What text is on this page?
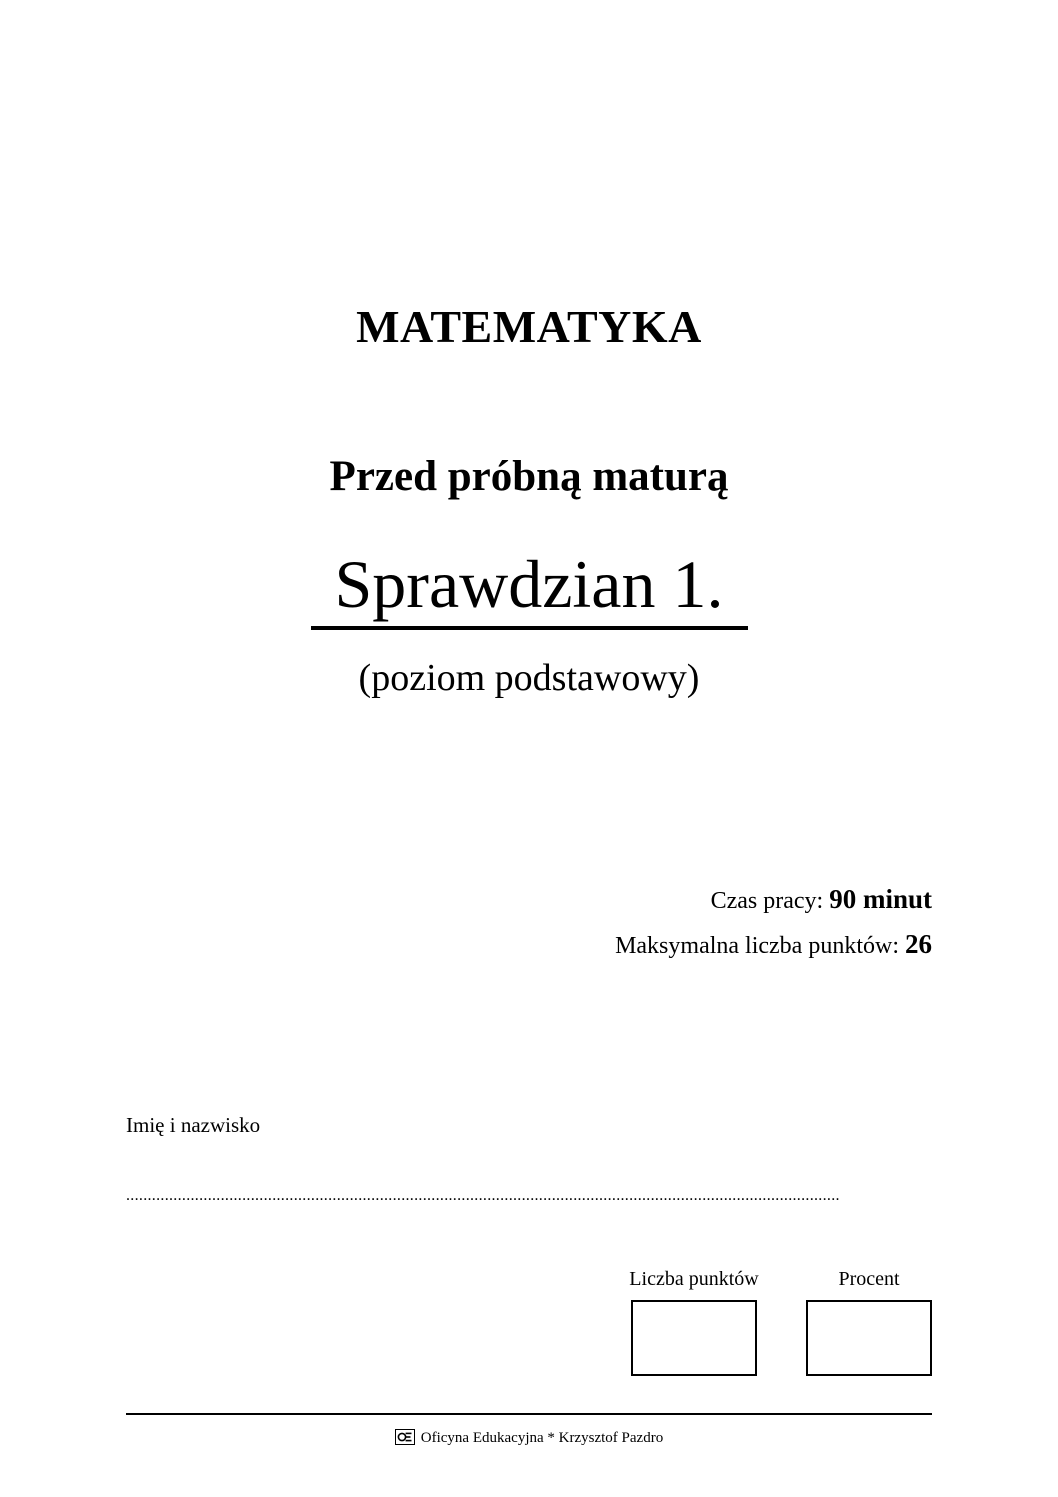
MATEMATYKA
Przed próbną maturą
Sprawdzian 1.
(poziom podstawowy)
Czas pracy: 90 minut
Maksymalna liczba punktów: 26
Imię i nazwisko
......................................................................................................................................................................
Liczba punktów	Procent
Oficyna Edukacyjna * Krzysztof Pazdro
